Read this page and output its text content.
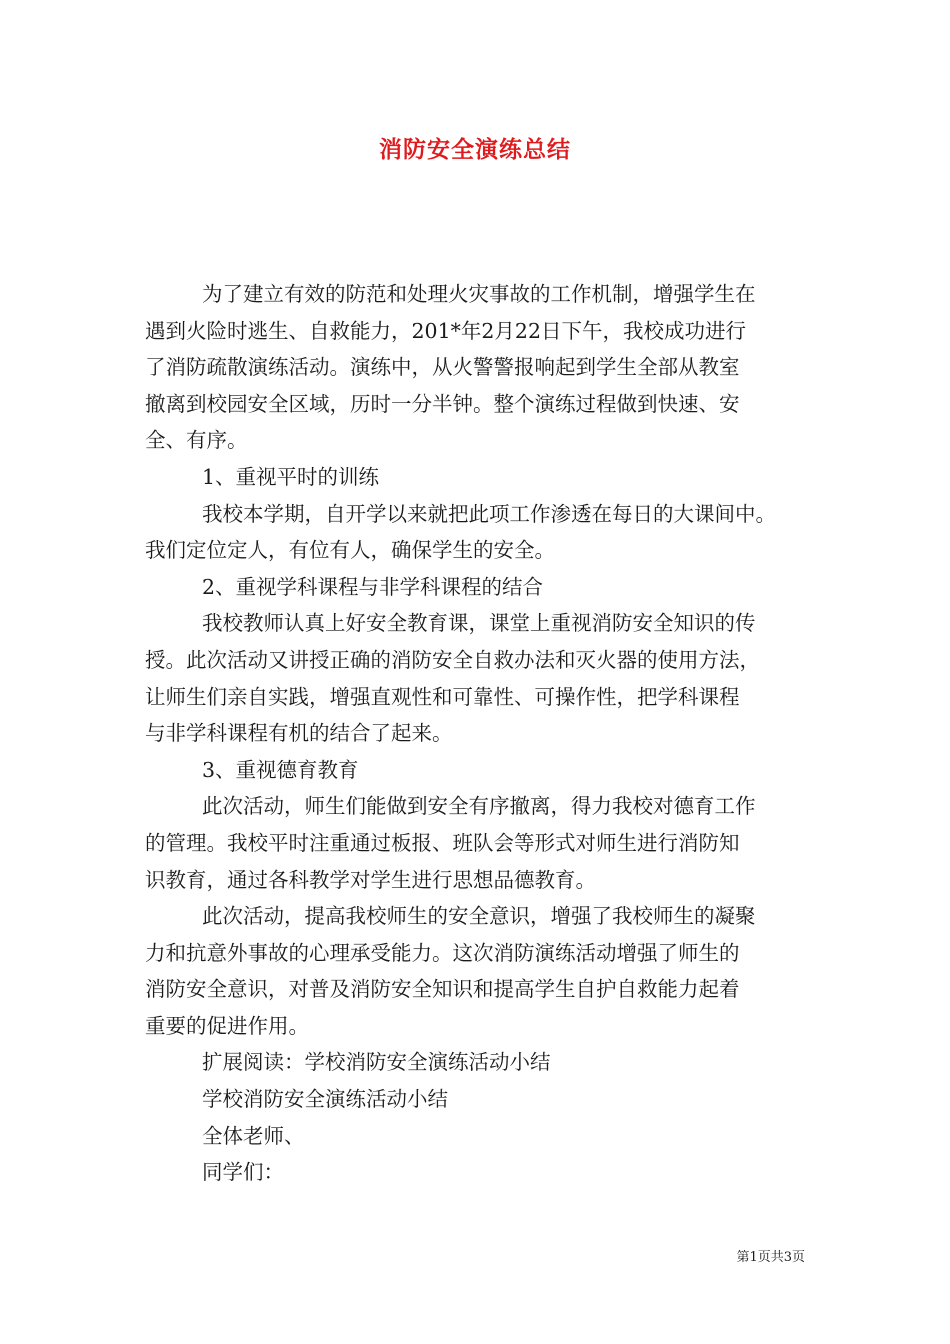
消防安全演练总结
为了建立有效的防范和处理火灾事故的工作机制，增强学生在
遇到火险时逃生、自救能力，201*年2月22日下午，我校成功进行
了消防疏散演练活动。演练中，从火警警报响起到学生全部从教室
撤离到校园安全区域，历时一分半钟。整个演练过程做到快速、安
全、有序。
1、重视平时的训练
我校本学期，自开学以来就把此项工作渗透在每日的大课间中。
我们定位定人，有位有人，确保学生的安全。
2、重视学科课程与非学科课程的结合
我校教师认真上好安全教育课，课堂上重视消防安全知识的传
授。此次活动又讲授正确的消防安全自救办法和灭火器的使用方法，
让师生们亲自实践，增强直观性和可靠性、可操作性，把学科课程
与非学科课程有机的结合了起来。
3、重视德育教育
此次活动，师生们能做到安全有序撤离，得力我校对德育工作
的管理。我校平时注重通过板报、班队会等形式对师生进行消防知
识教育，通过各科教学对学生进行思想品德教育。
此次活动，提高我校师生的安全意识，增强了我校师生的凝聚
力和抗意外事故的心理承受能力。这次消防演练活动增强了师生的
消防安全意识，对普及消防安全知识和提高学生自护自救能力起着
重要的促进作用。
扩展阅读：学校消防安全演练活动小结
学校消防安全演练活动小结
全体老师、
同学们：
第1页共3页
